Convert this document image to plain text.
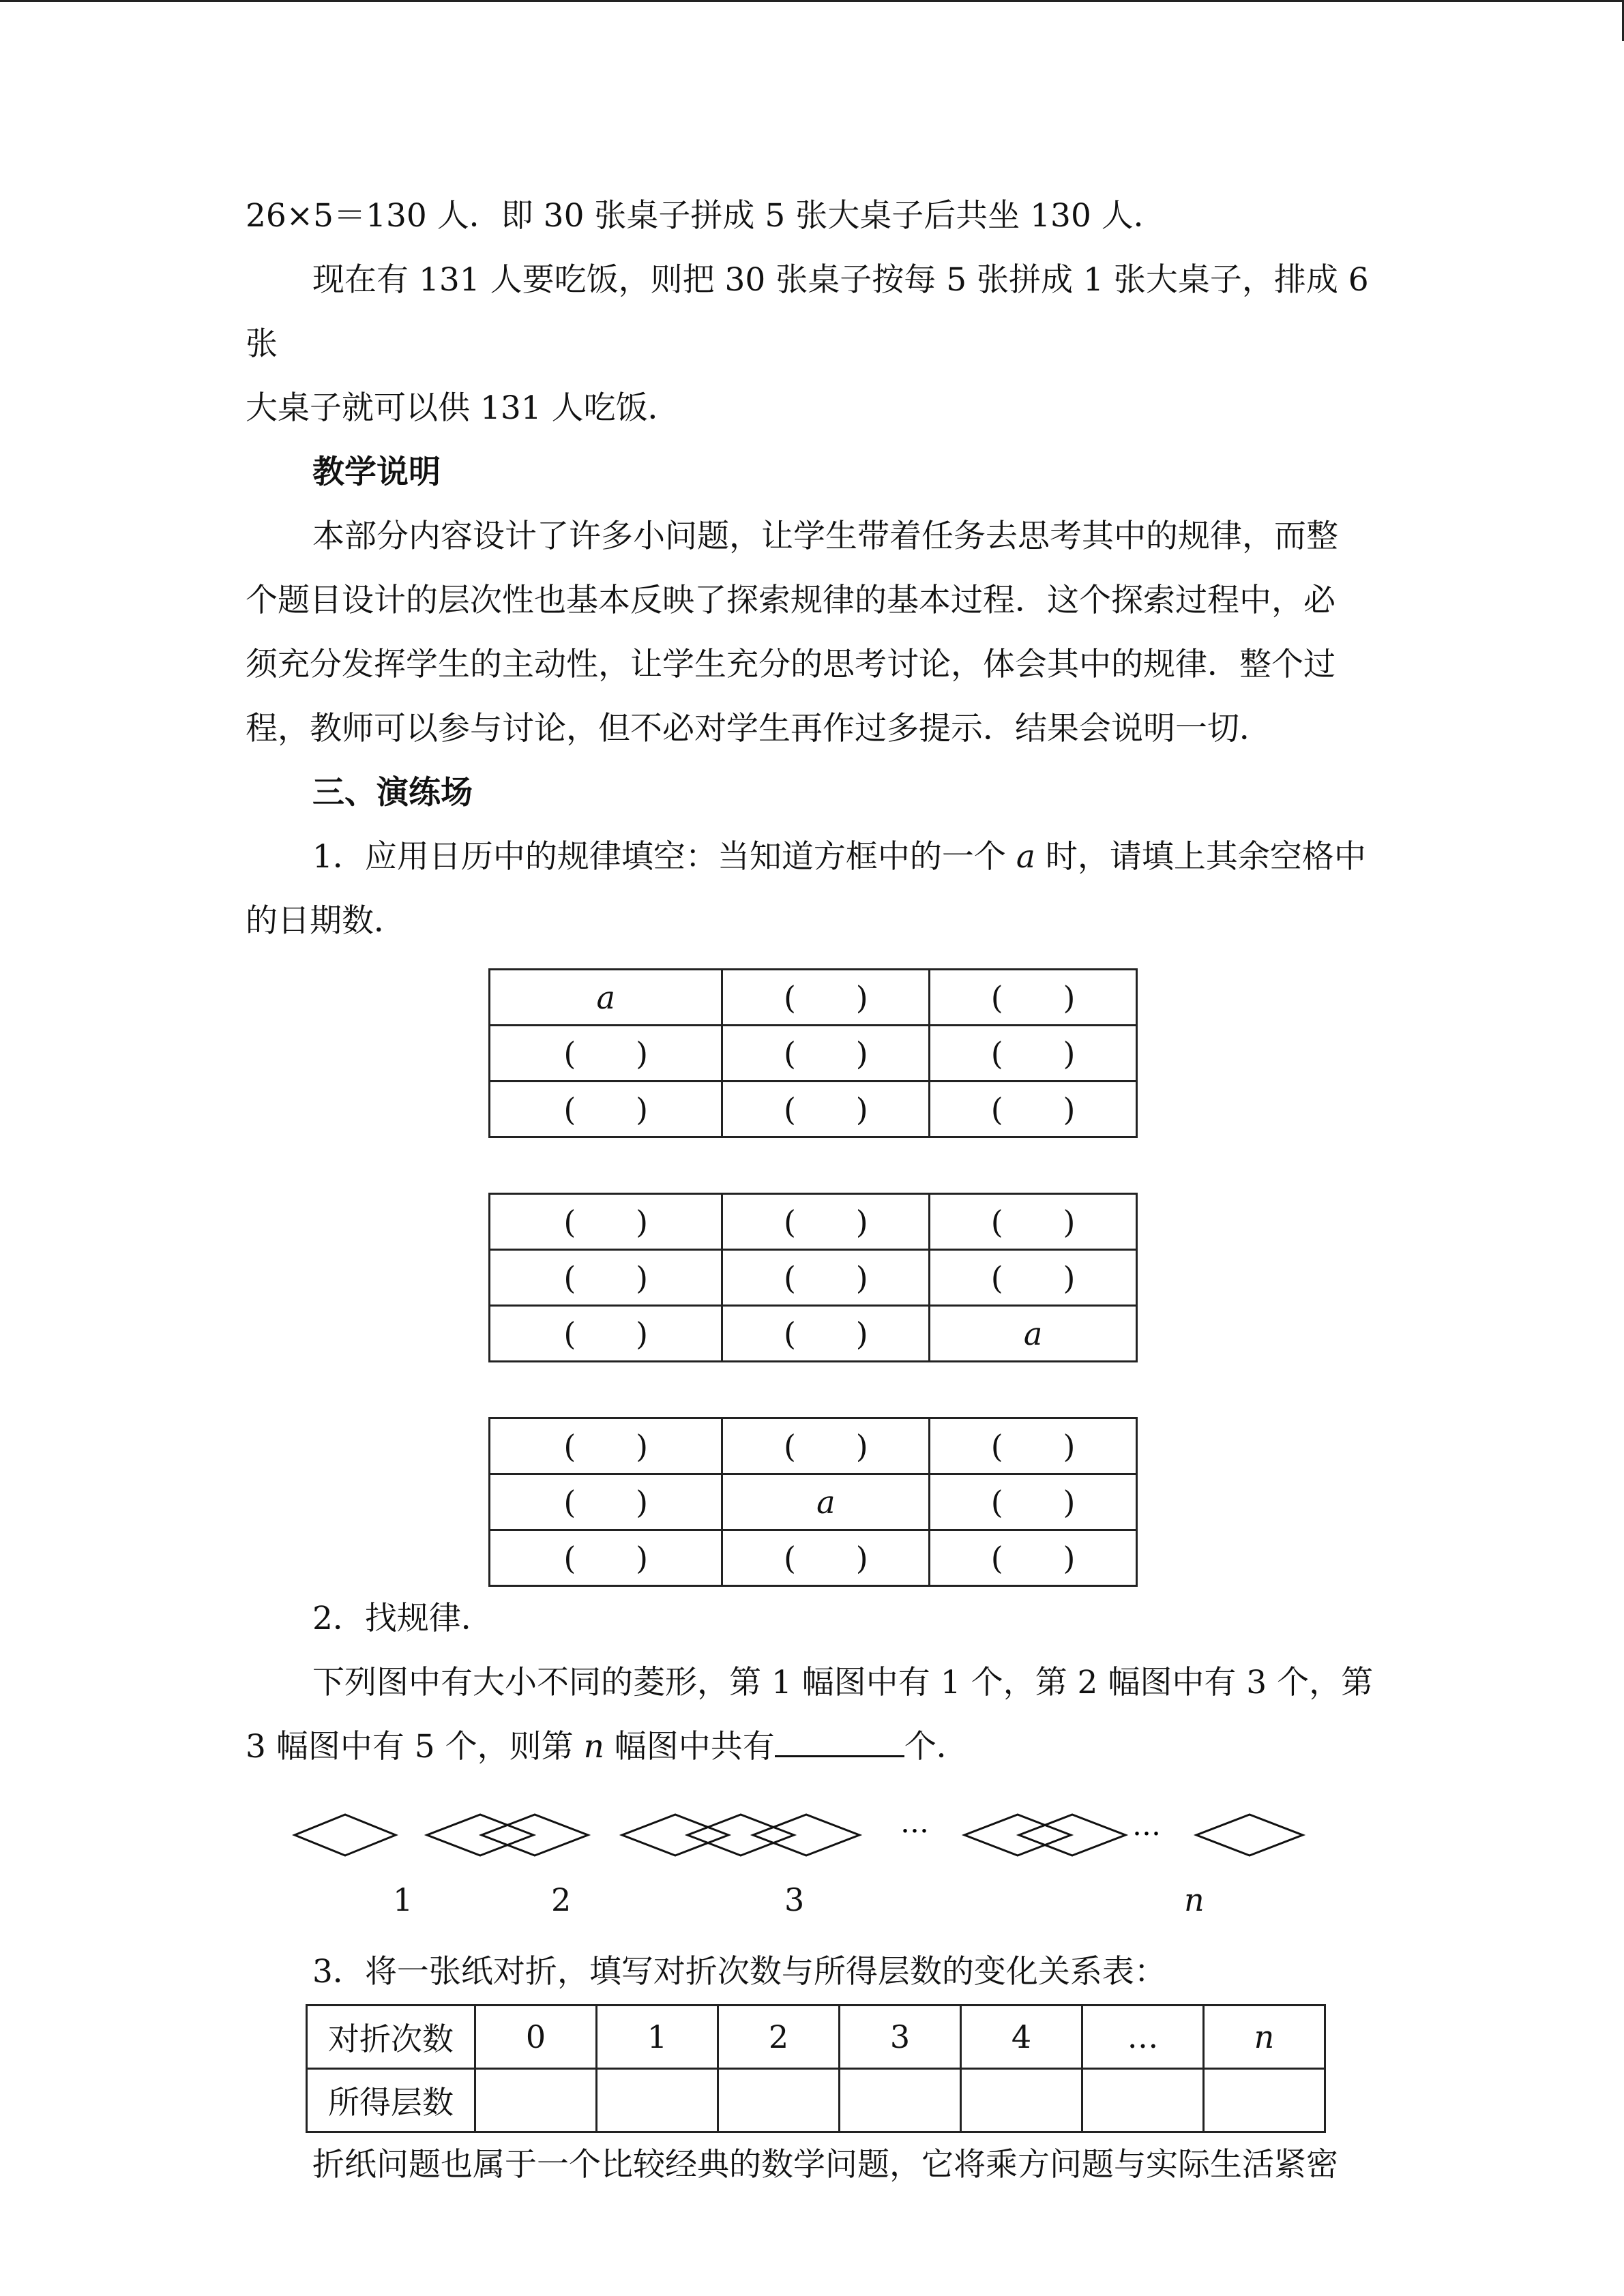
26×5＝130 人．即 30 张桌子拼成 5 张大桌子后共坐 130 人．

现在有 131 人要吃饭，则把 30 张桌子按每 5 张拼成 1 张大桌子，排成 6 张

大桌子就可以供 131 人吃饭．

教学说明

本部分内容设计了许多小问题，让学生带着任务去思考其中的规律，而整

个题目设计的层次性也基本反映了探索规律的基本过程．这个探索过程中，必

须充分发挥学生的主动性，让学生充分的思考讨论，体会其中的规律．整个过

程，教师可以参与讨论，但不必对学生再作过多提示．结果会说明一切．

三、演练场

1．应用日历中的规律填空：当知道方框中的一个 a 时，请填上其余空格中

的日期数．

a	(      )	(      )
(      )	(      )	(      )
(      )	(      )	(      )
(      )	(      )	(      )
(      )	(      )	(      )
(      )	(      )	a
(      )	(      )	(      )
(      )	a	(      )
(      )	(      )	(      )

2．找规律．

下列图中有大小不同的菱形，第 1 幅图中有 1 个，第 2 幅图中有 3 个，第

3 幅图中有 5 个，则第 n 幅图中共有	个．

…	…
1	2	3	n

3．将一张纸对折，填写对折次数与所得层数的变化关系表：

对折次数	0	1	2	3	4	…	n
所得层数							

折纸问题也属于一个比较经典的数学问题，它将乘方问题与实际生活紧密
